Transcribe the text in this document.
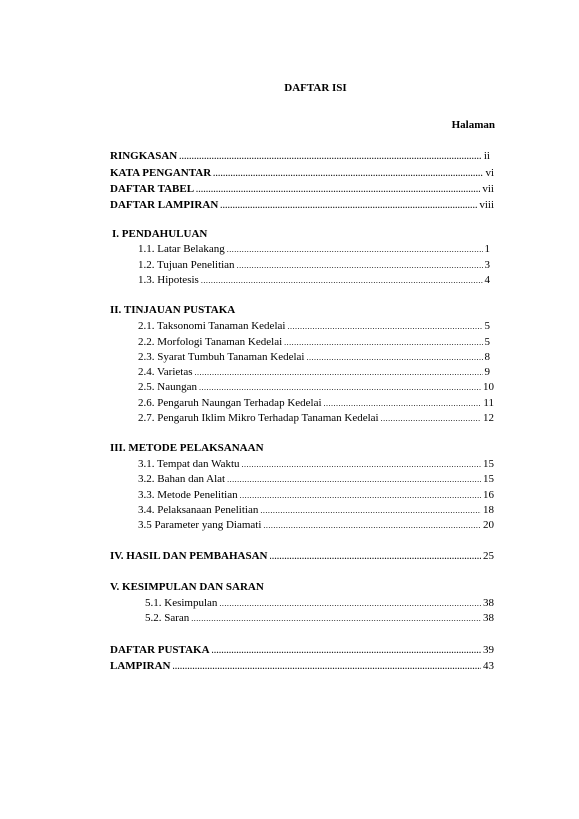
DAFTAR ISI
Halaman
RINGKASAN .....	ii
KATA PENGANTAR .....	vi
DAFTAR TABEL .....	vii
DAFTAR LAMPIRAN .....	viii
I. PENDAHULUAN
1.1. Latar Belakang .....	1
1.2. Tujuan Penelitian .....	3
1.3. Hipotesis .....	4
II. TINJAUAN PUSTAKA
2.1. Taksonomi Tanaman Kedelai .....	5
2.2. Morfologi Tanaman Kedelai .....	5
2.3. Syarat Tumbuh Tanaman Kedelai .....	8
2.4. Varietas .....	9
2.5. Naungan .....	10
2.6. Pengaruh Naungan Terhadap Kedelai .....	11
2.7. Pengaruh Iklim Mikro Terhadap Tanaman Kedelai .....	12
III. METODE PELAKSANAAN
3.1. Tempat dan Waktu .....	15
3.2. Bahan dan Alat .....	15
3.3. Metode Penelitian .....	16
3.4. Pelaksanaan Penelitian .....	18
3.5 Parameter yang Diamati .....	20
IV. HASIL DAN PEMBAHASAN .....	25
V. KESIMPULAN DAN SARAN
5.1. Kesimpulan .....	38
5.2. Saran .....	38
DAFTAR PUSTAKA .....	39
LAMPIRAN .....	43
